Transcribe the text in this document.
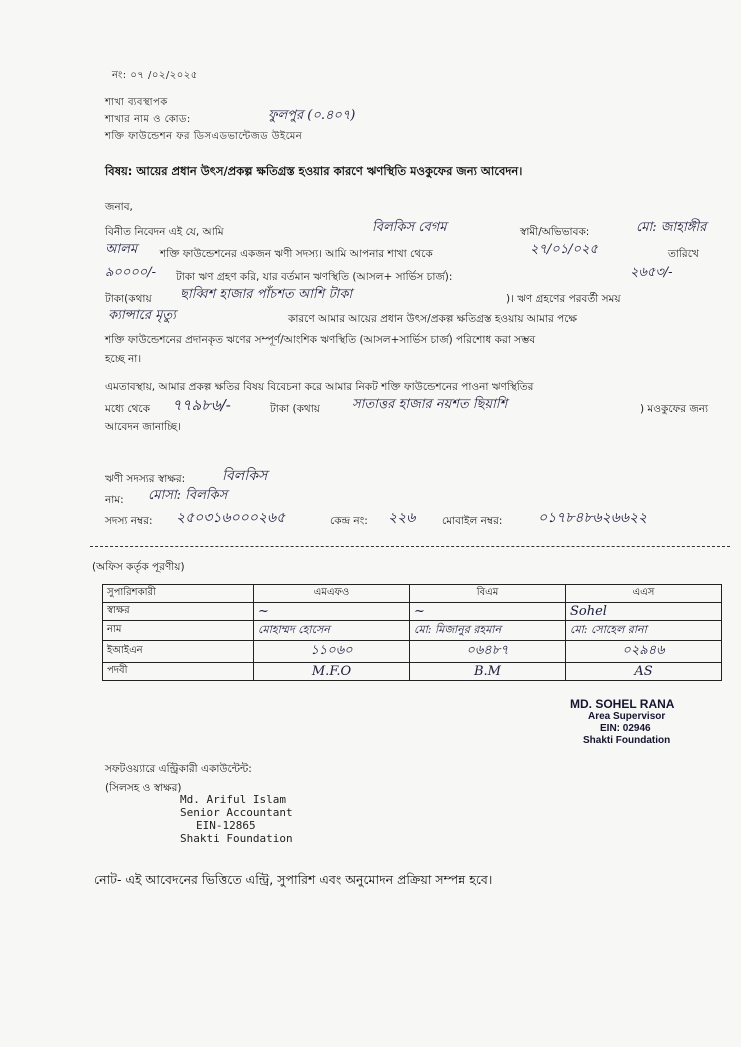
নং: ০৭ /০২/২০২৫
শাখা ব্যবস্থাপক
শাখার নাম ও কোড:	ফুলপুর (০.৪০৭)
শক্তি ফাউন্ডেশন ফর ডিসএডভান্টেজড উইমেন
বিষয়: আয়ের প্রধান উৎস/প্রকল্প ক্ষতিগ্রস্ত হওয়ার কারণে ঋণস্থিতি মওকুফের জন্য আবেদন।
জনাব,
বিনীত নিবেদন এই যে, আমি	বিলকিস বেগম	স্বামী/অভিভাবক:	মো: জাহাঙ্গীর
আলম শক্তি ফাউন্ডেশনের একজন ঋণী সদস্য। আমি আপনার শাখা থেকে	২৭/০১/০২৫	তারিখে
৯০০০০/- টাকা ঋণ গ্রহণ করি, যার বর্তমান ঋণস্থিতি (আসল+ সার্ভিস চার্জ):	২৬৫৩/-
টাকা(কথায় ছাব্বিশ হাজার পাঁচশত আশি টাকা	)। ঋণ গ্রহণের পরবর্তী সময়
ক্যান্সারে মৃত্যু	কারণে আমার আয়ের প্রধান উৎস/প্রকল্প ক্ষতিগ্রস্ত হওয়ায় আমার পক্ষে
শক্তি ফাউন্ডেশনের প্রদানকৃত ঋণের সম্পূর্ণ/আংশিক ঋণস্থিতি (আসল+সার্ভিস চার্জ) পরিশোধ করা সম্ভব
হচ্ছে না।
এমতাবস্থায়, আমার প্রকল্প ক্ষতির বিষয় বিবেচনা করে আমার নিকট শক্তি ফাউন্ডেশনের পাওনা ঋণস্থিতির
মধ্যে থেকে ৭৭৯৮৬/-	টাকা (কথায় সাতাত্তর হাজার নয়শত ছিয়াশি	) মওকুফের জন্য
আবেদন জানাচ্ছি।
ঋণী সদস্যর স্বাক্ষর:	বিলকিস
নাম: মোসা: বিলকিস
সদস্য নম্বর: ২৫০৩১৬০০০২৬৫	কেন্দ্র নং: ২২৬	মোবাইল নম্বর:	০১৭৮৪৮৬২৬৬২২
(অফিস কর্তৃক পূরণীয়)
সুপারিশকারী	এমএফও	বিএম	এএস
স্বাক্ষর	~	~	Sohel
নাম	মোহাম্মদ হোসেন	মো: মিজানুর রহমান	মো: সোহেল রানা
ইআইএন	১১০৬০	০৬৪৮৭	০২৯৪৬
পদবী	M.F.O	B.M	AS
MD. SOHEL RANA
Area Supervisor
EIN: 02946
Shakti Foundation
সফটওয়্যারে এন্ট্রিকারী একাউন্টেন্ট:
(সিলসহ ও স্বাক্ষর)
Md. Ariful Islam
Senior Accountant
EIN-12865
Shakti Foundation
নোট- এই আবেদনের ভিত্তিতে এন্ট্রি, সুপারিশ এবং অনুমোদন প্রক্রিয়া সম্পন্ন হবে।
